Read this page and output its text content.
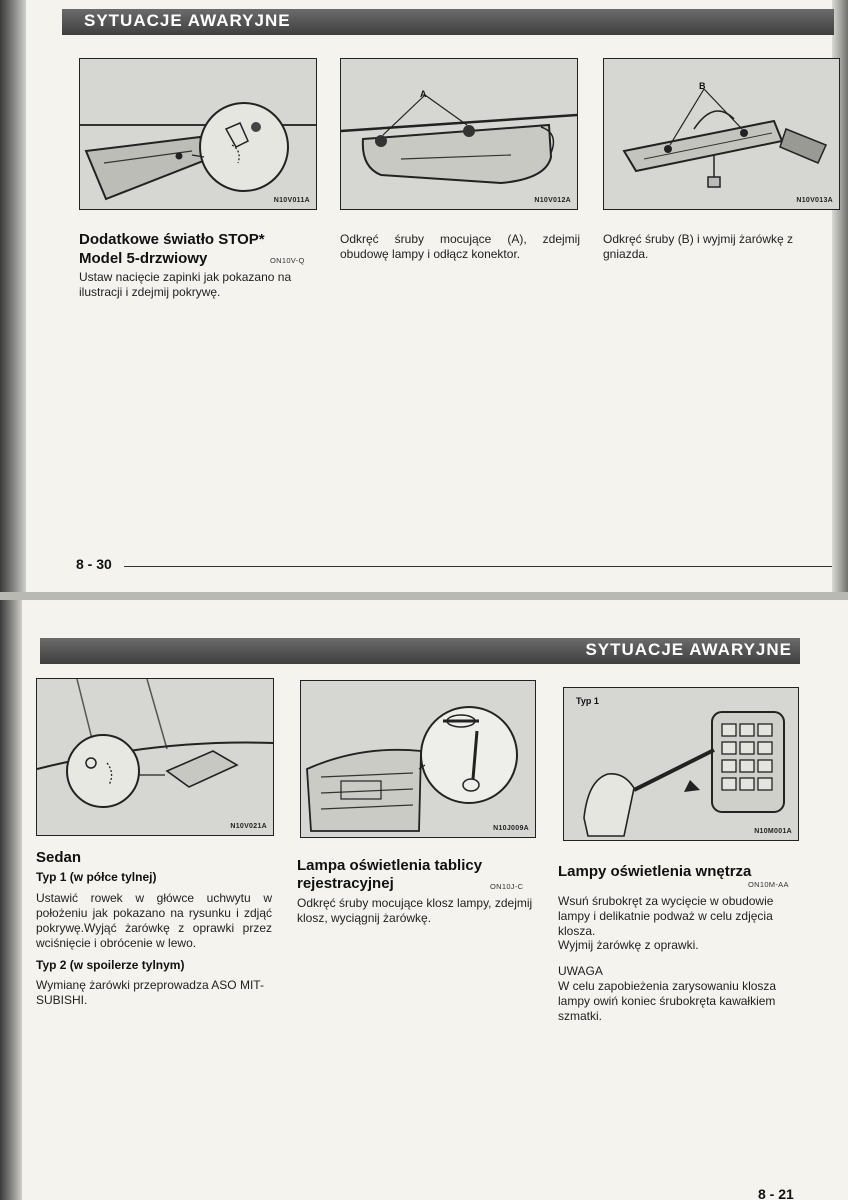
SYTUACJE AWARYJNE
N10V011A
A
N10V012A
B
N10V013A
Dodatkowe światło STOP*
Model 5-drzwiowy	ON10V-Q
Ustaw nacięcie zapinki jak pokazano na ilustracji i zdejmij pokrywę.
Odkręć śruby mocujące (A), zdejmij obudowę lampy i odłącz konektor.
Odkręć śruby (B) i wyjmij żarówkę z gniazda.
8 - 30
SYTUACJE AWARYJNE
N10V021A	N10J009A
Typ 1
N10M001A
Sedan
Typ 1 (w półce tylnej)
Ustawić rowek w główce uchwytu w położeniu jak pokazano na rysunku i zdjąć pokrywę.Wyjąć żarówkę z oprawki przez wciśnięcie i obrócenie w lewo.
Typ 2 (w spoilerze tylnym)
Wymianę żarówki przeprowadza ASO MIT-SUBISHI.
Lampa oświetlenia tablicy
rejestracyjnej	ON10J-C
Odkręć śruby mocujące klosz lampy, zdejmij klosz, wyciągnij żarówkę.
Lampy oświetlenia wnętrza
ON10M-AA
Wsuń śrubokręt za wycięcie w obudowie lampy i delikatnie podważ w celu zdjęcia klosza.
Wyjmij żarówkę z oprawki.
UWAGA
W celu zapobieżenia zarysowaniu klosza lampy owiń koniec śrubokręta kawałkiem szmatki.
8 - 21
